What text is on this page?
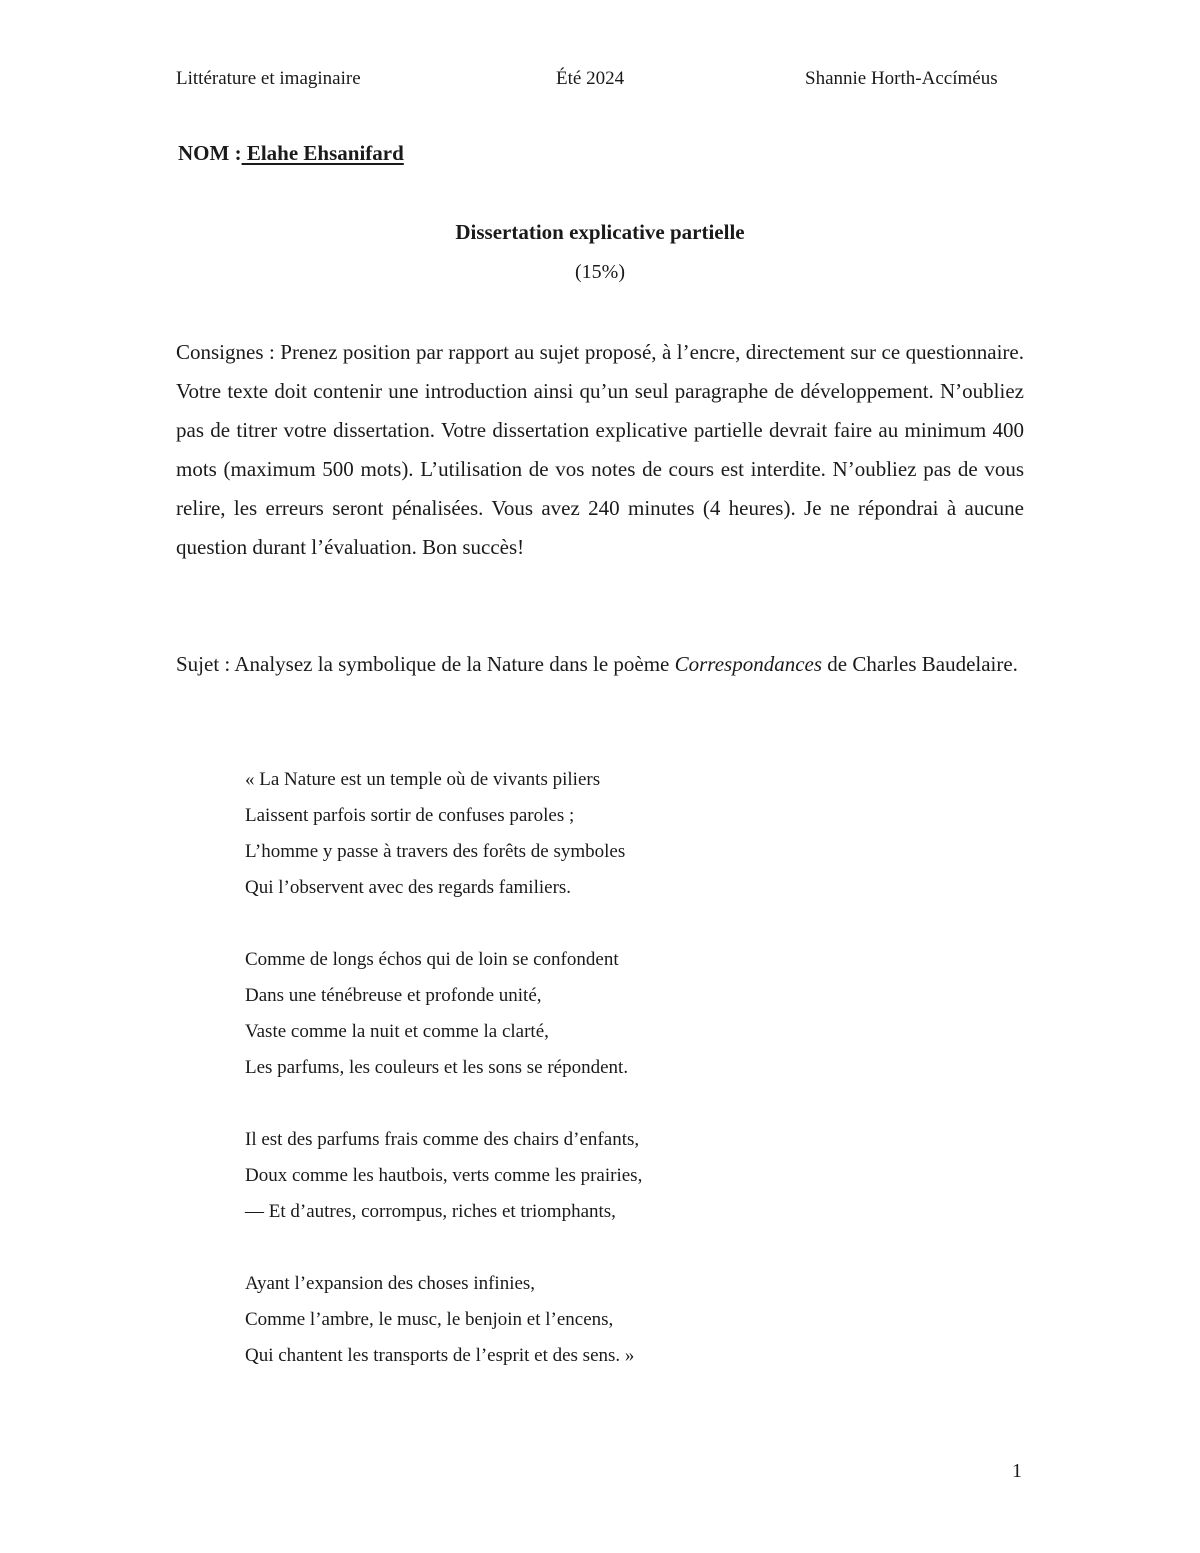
Littérature et imaginaire	Été 2024	Shannie Horth-Accíméus
NOM : Elahe Ehsanifard
Dissertation explicative partielle
(15%)

Consignes : Prenez position par rapport au sujet proposé, à l’encre, directement sur ce questionnaire. Votre texte doit contenir une introduction ainsi qu’un seul paragraphe de développement. N’oubliez pas de titrer votre dissertation. Votre dissertation explicative partielle devrait faire au minimum 400 mots (maximum 500 mots). L’utilisation de vos notes de cours est interdite. N’oubliez pas de vous relire, les erreurs seront pénalisées. Vous avez 240 minutes (4 heures). Je ne répondrai à aucune question durant l’évaluation. Bon succès!

Sujet : Analysez la symbolique de la Nature dans le poème Correspondances de Charles Baudelaire.

« La Nature est un temple où de vivants piliers
Laissent parfois sortir de confuses paroles ;
L’homme y passe à travers des forêts de symboles
Qui l’observent avec des regards familiers.
Comme de longs échos qui de loin se confondent
Dans une ténébreuse et profonde unité,
Vaste comme la nuit et comme la clarté,
Les parfums, les couleurs et les sons se répondent.
Il est des parfums frais comme des chairs d’enfants,
Doux comme les hautbois, verts comme les prairies,
— Et d’autres, corrompus, riches et triomphants,
Ayant l’expansion des choses infinies,
Comme l’ambre, le musc, le benjoin et l’encens,
Qui chantent les transports de l’esprit et des sens. »
1
